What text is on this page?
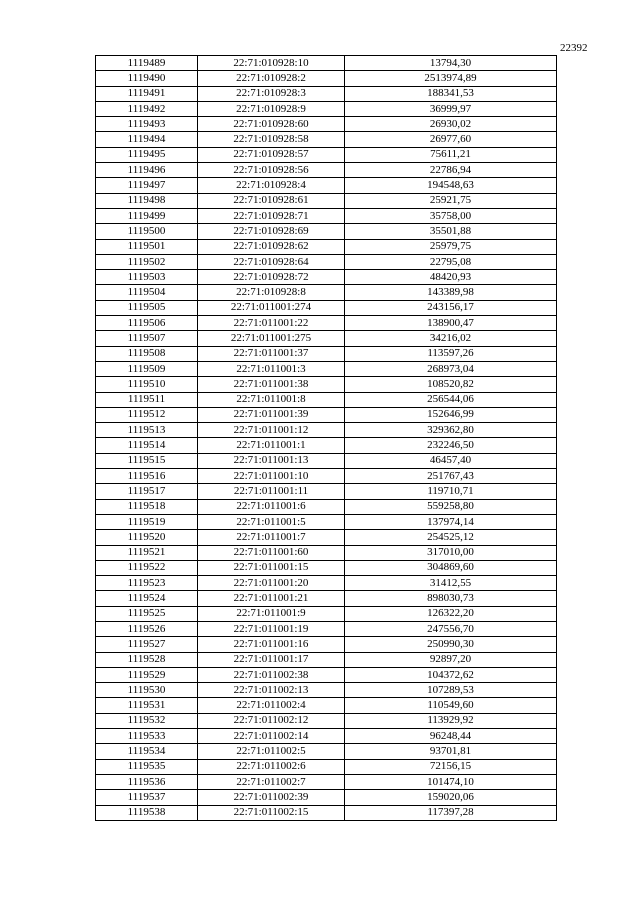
22392
1119489	22:71:010928:10	13794,30
1119490	22:71:010928:2	2513974,89
1119491	22:71:010928:3	188341,53
1119492	22:71:010928:9	36999,97
1119493	22:71:010928:60	26930,02
1119494	22:71:010928:58	26977,60
1119495	22:71:010928:57	75611,21
1119496	22:71:010928:56	22786,94
1119497	22:71:010928:4	194548,63
1119498	22:71:010928:61	25921,75
1119499	22:71:010928:71	35758,00
1119500	22:71:010928:69	35501,88
1119501	22:71:010928:62	25979,75
1119502	22:71:010928:64	22795,08
1119503	22:71:010928:72	48420,93
1119504	22:71:010928:8	143389,98
1119505	22:71:011001:274	243156,17
1119506	22:71:011001:22	138900,47
1119507	22:71:011001:275	34216,02
1119508	22:71:011001:37	113597,26
1119509	22:71:011001:3	268973,04
1119510	22:71:011001:38	108520,82
1119511	22:71:011001:8	256544,06
1119512	22:71:011001:39	152646,99
1119513	22:71:011001:12	329362,80
1119514	22:71:011001:1	232246,50
1119515	22:71:011001:13	46457,40
1119516	22:71:011001:10	251767,43
1119517	22:71:011001:11	119710,71
1119518	22:71:011001:6	559258,80
1119519	22:71:011001:5	137974,14
1119520	22:71:011001:7	254525,12
1119521	22:71:011001:60	317010,00
1119522	22:71:011001:15	304869,60
1119523	22:71:011001:20	31412,55
1119524	22:71:011001:21	898030,73
1119525	22:71:011001:9	126322,20
1119526	22:71:011001:19	247556,70
1119527	22:71:011001:16	250990,30
1119528	22:71:011001:17	92897,20
1119529	22:71:011002:38	104372,62
1119530	22:71:011002:13	107289,53
1119531	22:71:011002:4	110549,60
1119532	22:71:011002:12	113929,92
1119533	22:71:011002:14	96248,44
1119534	22:71:011002:5	93701,81
1119535	22:71:011002:6	72156,15
1119536	22:71:011002:7	101474,10
1119537	22:71:011002:39	159020,06
1119538	22:71:011002:15	117397,28
